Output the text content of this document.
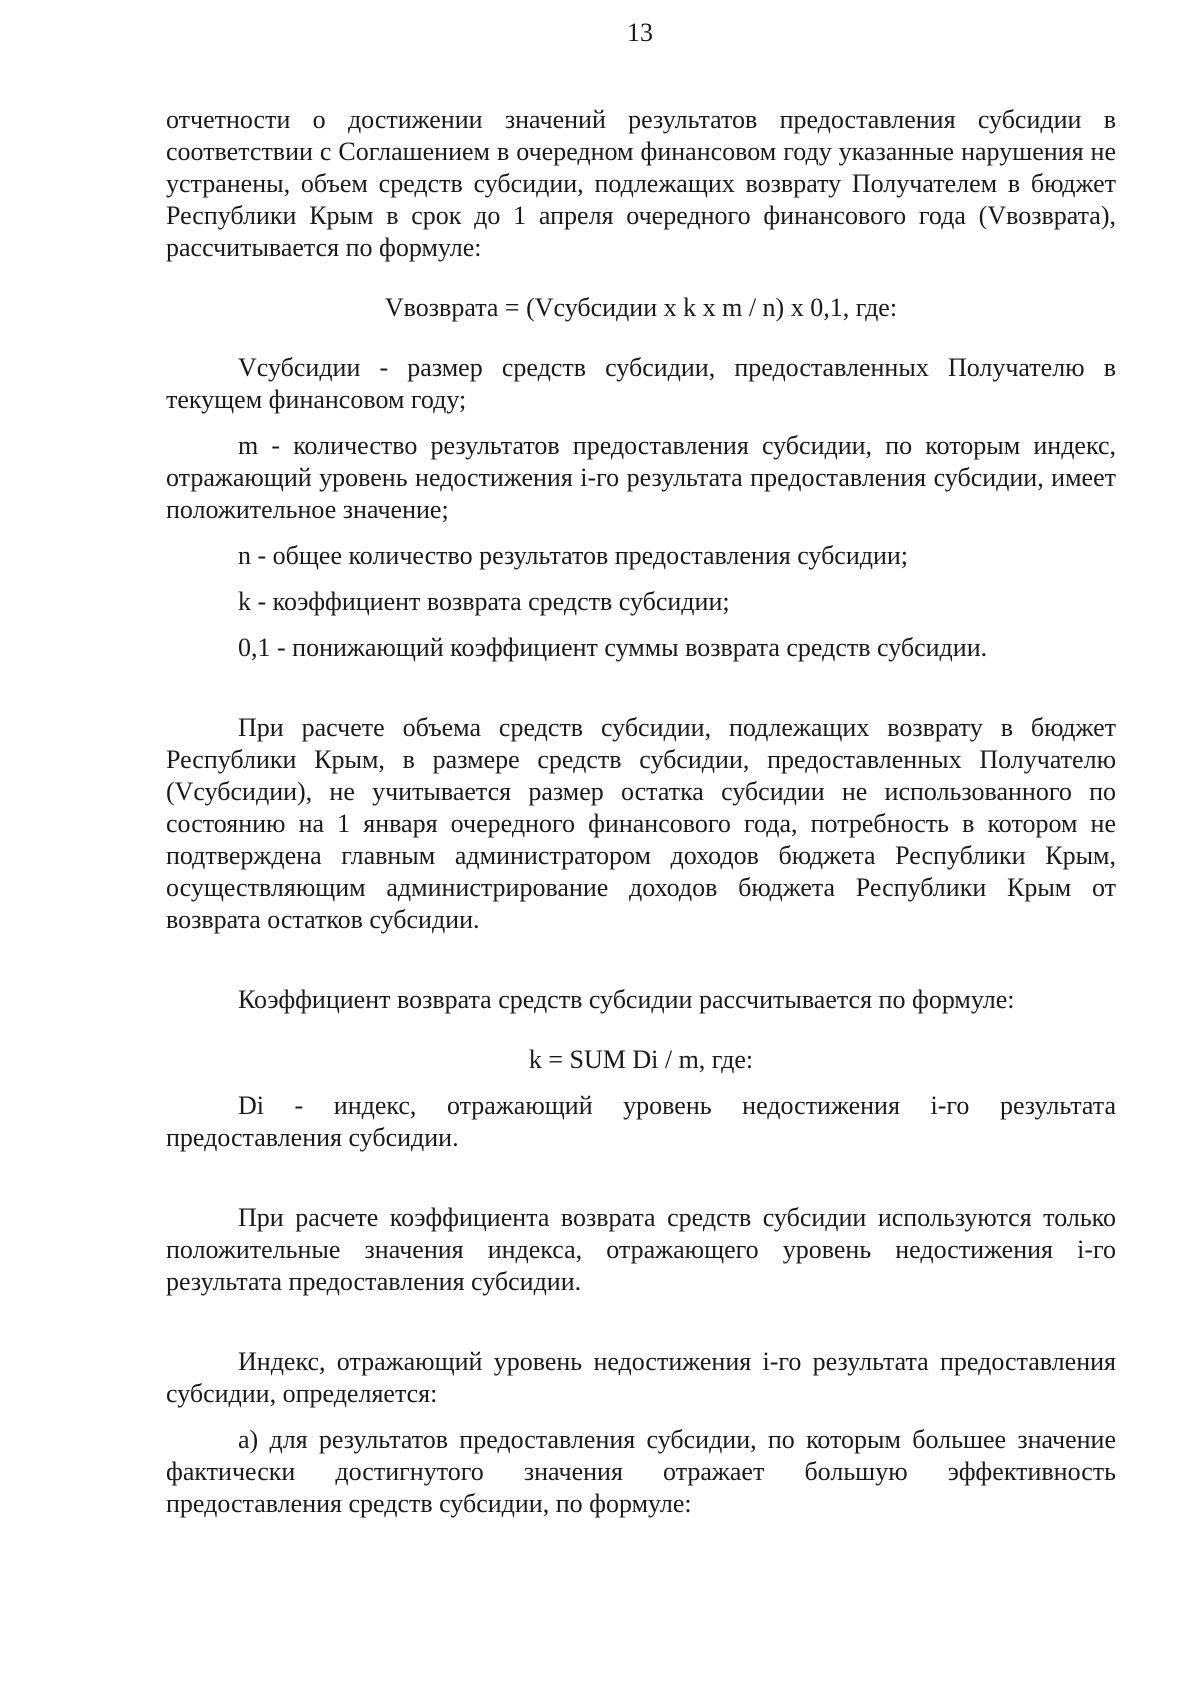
13

отчетности о достижении значений результатов предоставления субсидии в соответствии с Соглашением в очередном финансовом году указанные нарушения не устранены, объем средств субсидии, подлежащих возврату Получателем в бюджет Республики Крым в срок до 1 апреля очередного финансового года (Vвозврата), рассчитывается по формуле:

Vвозврата = (Vсубсидии x k x m / n) x 0,1, где:

Vсубсидии - размер средств субсидии, предоставленных Получателю в текущем финансовом году;

m - количество результатов предоставления субсидии, по которым индекс, отражающий уровень недостижения i-го результата предоставления субсидии, имеет положительное значение;

n - общее количество результатов предоставления субсидии;

k - коэффициент возврата средств субсидии;

0,1 - понижающий коэффициент суммы возврата средств субсидии.

При расчете объема средств субсидии, подлежащих возврату в бюджет Республики Крым, в размере средств субсидии, предоставленных Получателю (Vсубсидии), не учитывается размер остатка субсидии не использованного по состоянию на 1 января очередного финансового года, потребность в котором не подтверждена главным администратором доходов бюджета Республики Крым, осуществляющим администрирование доходов бюджета Республики Крым от возврата остатков субсидии.

Коэффициент возврата средств субсидии рассчитывается по формуле:

k = SUM Di / m, где:

Di - индекс, отражающий уровень недостижения i-го результата предоставления субсидии.

При расчете коэффициента возврата средств субсидии используются только положительные значения индекса, отражающего уровень недостижения i-го результата предоставления субсидии.

Индекс, отражающий уровень недостижения i-го результата предоставления субсидии, определяется:

а) для результатов предоставления субсидии, по которым большее значение фактически достигнутого значения отражает большую эффективность предоставления средств субсидии, по формуле:
